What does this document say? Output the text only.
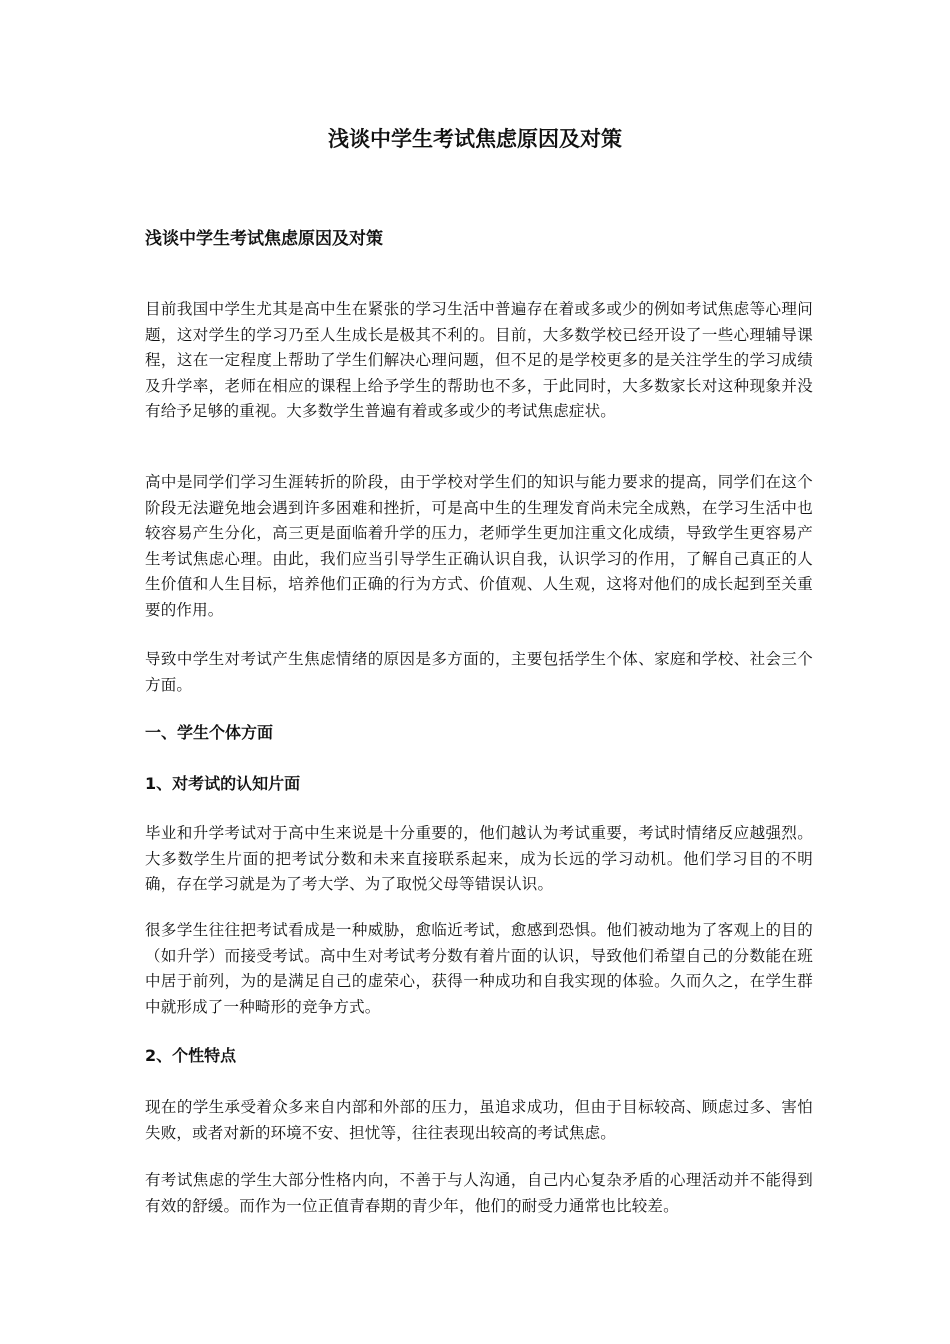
浅谈中学生考试焦虑原因及对策
浅谈中学生考试焦虑原因及对策

目前我国中学生尤其是高中生在紧张的学习生活中普遍存在着或多或少的例如考试焦虑等心理问题，这对学生的学习乃至人生成长是极其不利的。目前，大多数学校已经开设了一些心理辅导课程，这在一定程度上帮助了学生们解决心理问题，但不足的是学校更多的是关注学生的学习成绩及升学率，老师在相应的课程上给予学生的帮助也不多，于此同时，大多数家长对这种现象并没有给予足够的重视。大多数学生普遍有着或多或少的考试焦虑症状。

高中是同学们学习生涯转折的阶段，由于学校对学生们的知识与能力要求的提高，同学们在这个阶段无法避免地会遇到许多困难和挫折，可是高中生的生理发育尚未完全成熟，在学习生活中也较容易产生分化，高三更是面临着升学的压力，老师学生更加注重文化成绩，导致学生更容易产生考试焦虑心理。由此，我们应当引导学生正确认识自我，认识学习的作用，了解自己真正的人生价值和人生目标，培养他们正确的行为方式、价值观、人生观，这将对他们的成长起到至关重要的作用。

导致中学生对考试产生焦虑情绪的原因是多方面的，主要包括学生个体、家庭和学校、社会三个方面。

一、学生个体方面
1、对考试的认知片面

毕业和升学考试对于高中生来说是十分重要的，他们越认为考试重要，考试时情绪反应越强烈。大多数学生片面的把考试分数和未来直接联系起来，成为长远的学习动机。他们学习目的不明确，存在学习就是为了考大学、为了取悦父母等错误认识。

很多学生往往把考试看成是一种威胁，愈临近考试，愈感到恐惧。他们被动地为了客观上的目的（如升学）而接受考试。高中生对考试考分数有着片面的认识，导致他们希望自己的分数能在班中居于前列，为的是满足自己的虚荣心，获得一种成功和自我实现的体验。久而久之，在学生群中就形成了一种畸形的竞争方式。

2、个性特点

现在的学生承受着众多来自内部和外部的压力，虽追求成功，但由于目标较高、顾虑过多、害怕失败，或者对新的环境不安、担忧等，往往表现出较高的考试焦虑。

有考试焦虑的学生大部分性格内向，不善于与人沟通，自己内心复杂矛盾的心理活动并不能得到有效的舒缓。而作为一位正值青春期的青少年，他们的耐受力通常也比较差。
